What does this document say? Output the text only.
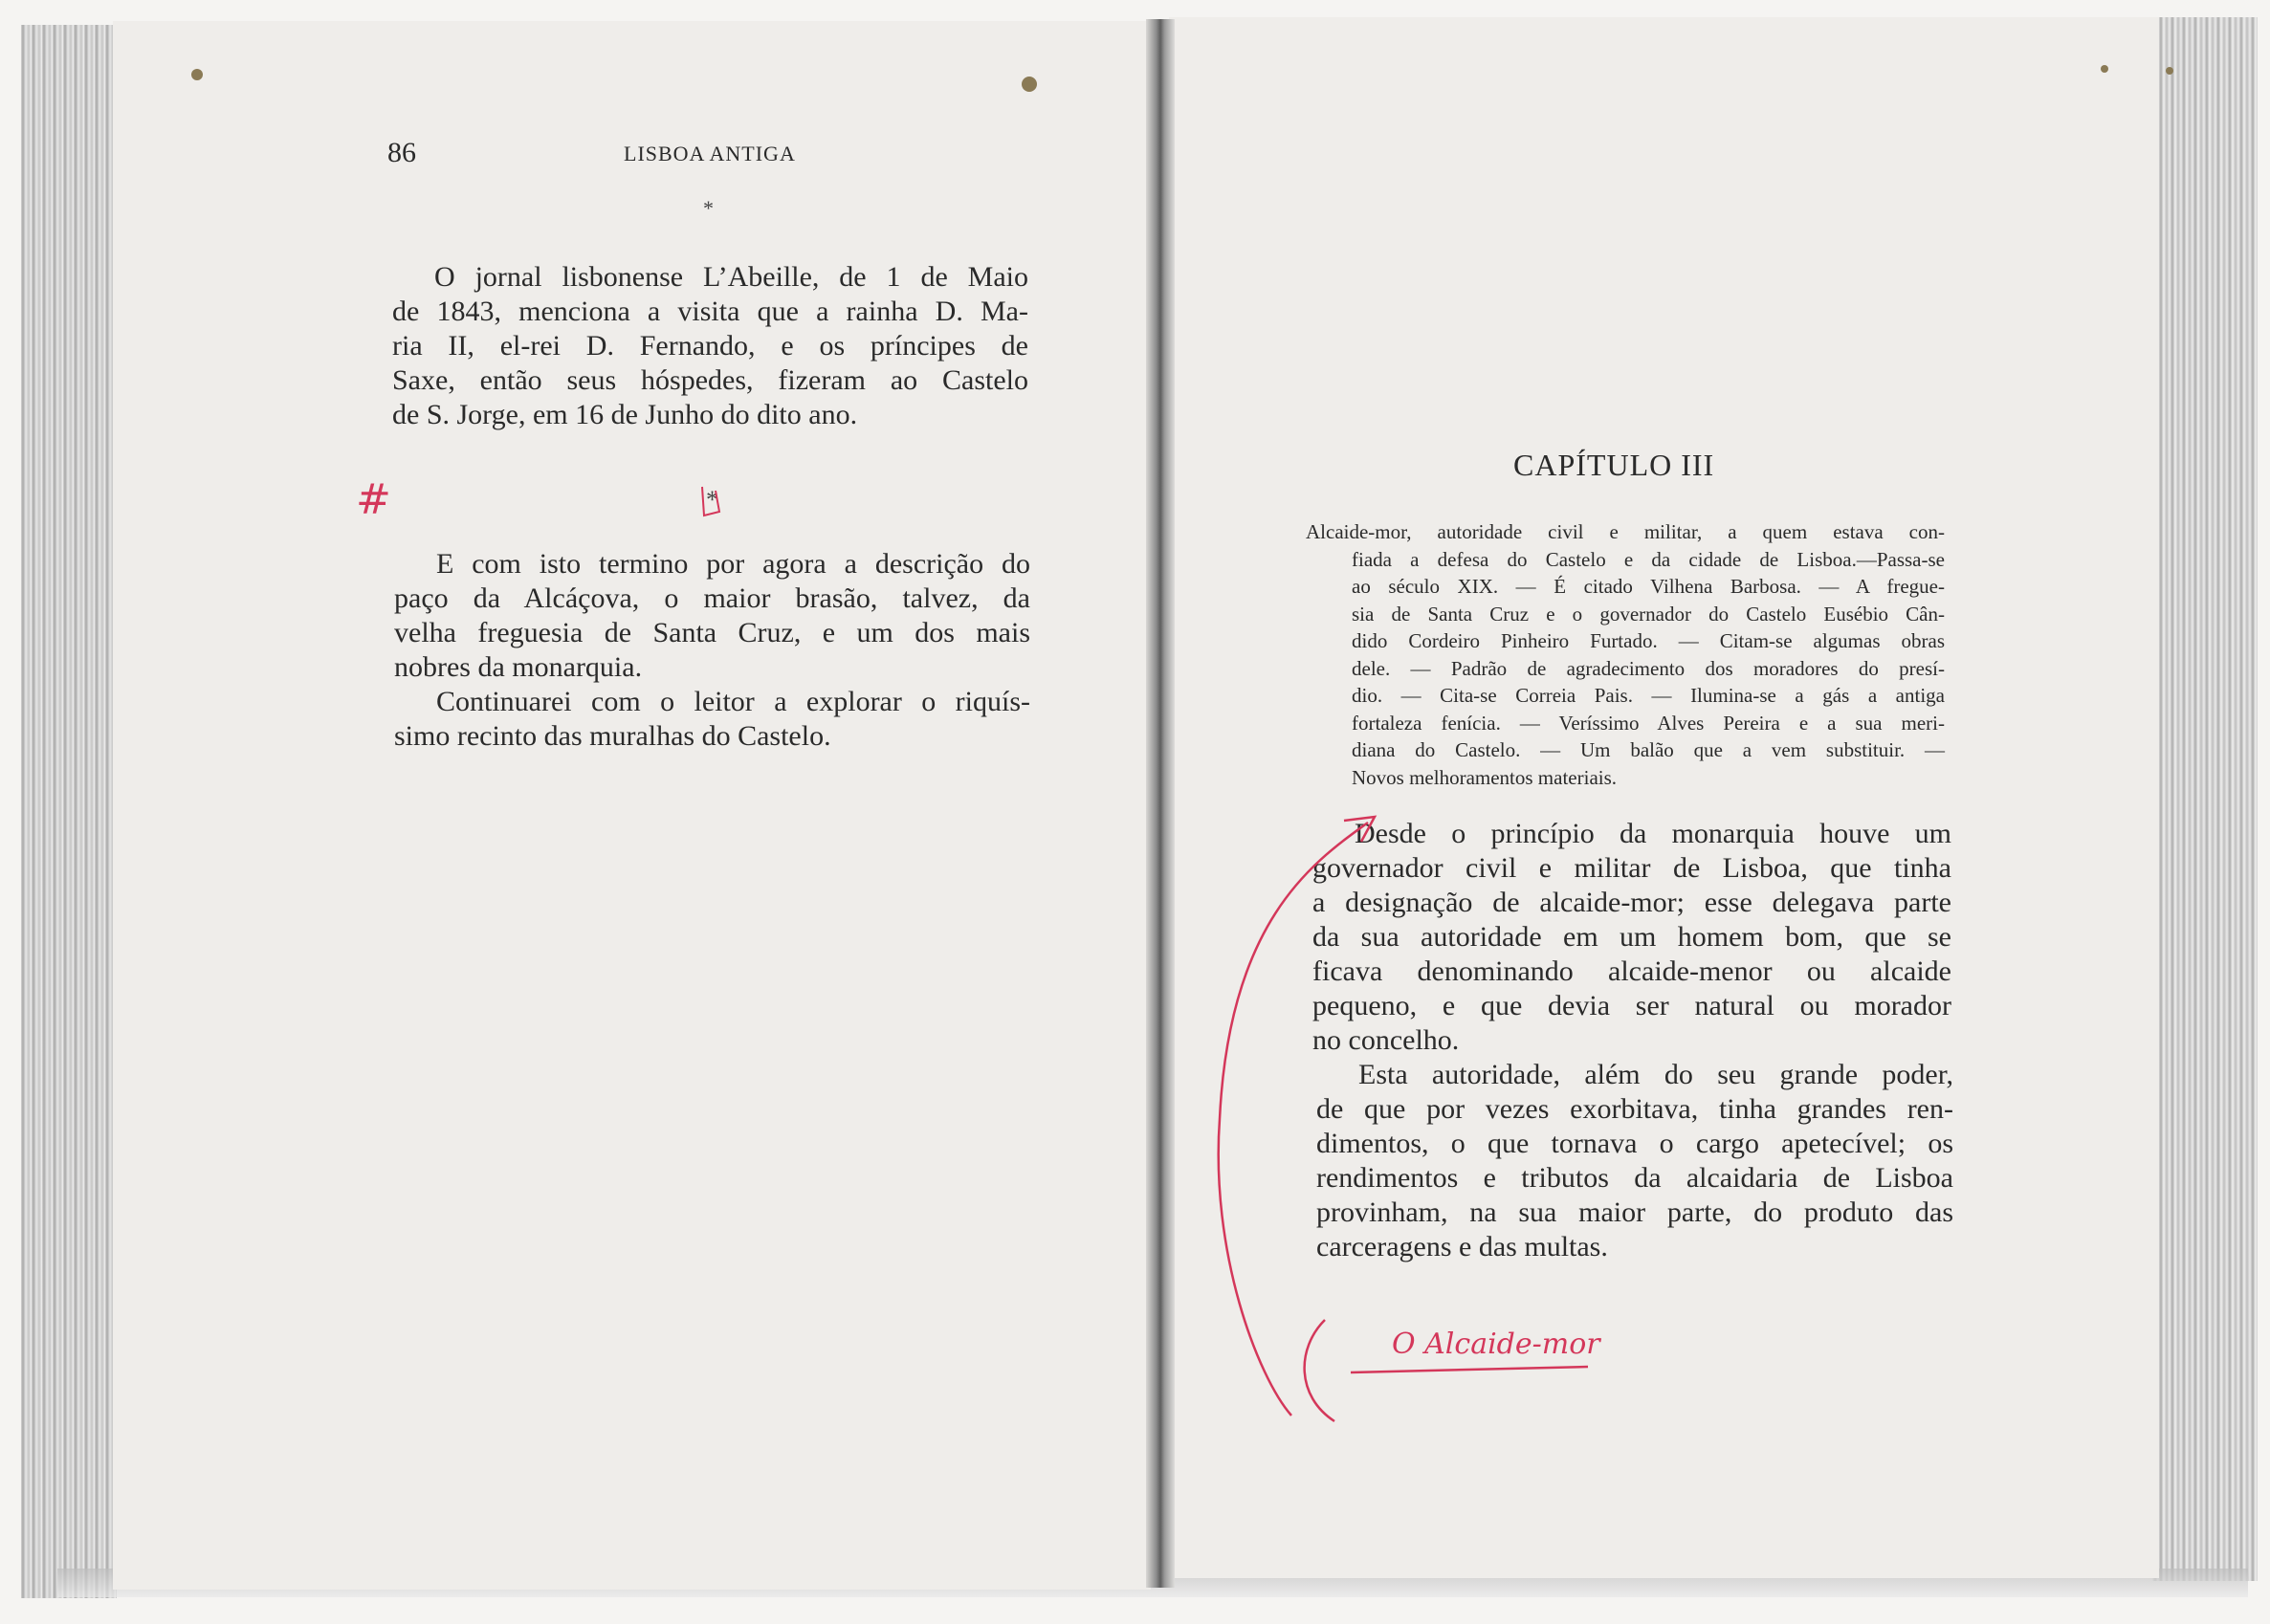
86	LISBOA ANTIGA
*

O jornal lisbonense L’Abeille, de 1 de Maio
de 1843, menciona a visita que a rainha D. Ma-
ria II, el-rei D. Fernando, e os príncipes de
Saxe, então seus hóspedes, fizeram ao Castelo
de S. Jorge, em 16 de Junho do dito ano.

#	*

E com isto termino por agora a descrição do
paço da Alcáçova, o maior brasão, talvez, da
velha freguesia de Santa Cruz, e um dos mais
nobres da monarquia.

Continuarei com o leitor a explorar o riquís-
simo recinto das muralhas do Castelo.

CAPÍTULO III

Alcaide-mor, autoridade civil e militar, a quem estava con-
fiada a defesa do Castelo e da cidade de Lisboa.—Passa-se
ao século XIX. — É citado Vilhena Barbosa. — A fregue-
sia de Santa Cruz e o governador do Castelo Eusébio Cân-
dido Cordeiro Pinheiro Furtado. — Citam-se algumas obras
dele. — Padrão de agradecimento dos moradores do presí-
dio. — Cita-se Correia Pais. — Ilumina-se a gás a antiga
fortaleza fenícia. — Veríssimo Alves Pereira e a sua meri-
diana do Castelo. — Um balão que a vem substituir. —
Novos melhoramentos materiais.

Desde o princípio da monarquia houve um
governador civil e militar de Lisboa, que tinha
a designação de alcaide-mor; esse delegava parte
da sua autoridade em um homem bom, que se
ficava denominando alcaide-menor ou alcaide
pequeno, e que devia ser natural ou morador
no concelho.

Esta autoridade, além do seu grande poder,
de que por vezes exorbitava, tinha grandes ren-
dimentos, o que tornava o cargo apetecível; os
rendimentos e tributos da alcaidaria de Lisboa
provinham, na sua maior parte, do produto das
carceragens e das multas.

O Alcaide-mor
